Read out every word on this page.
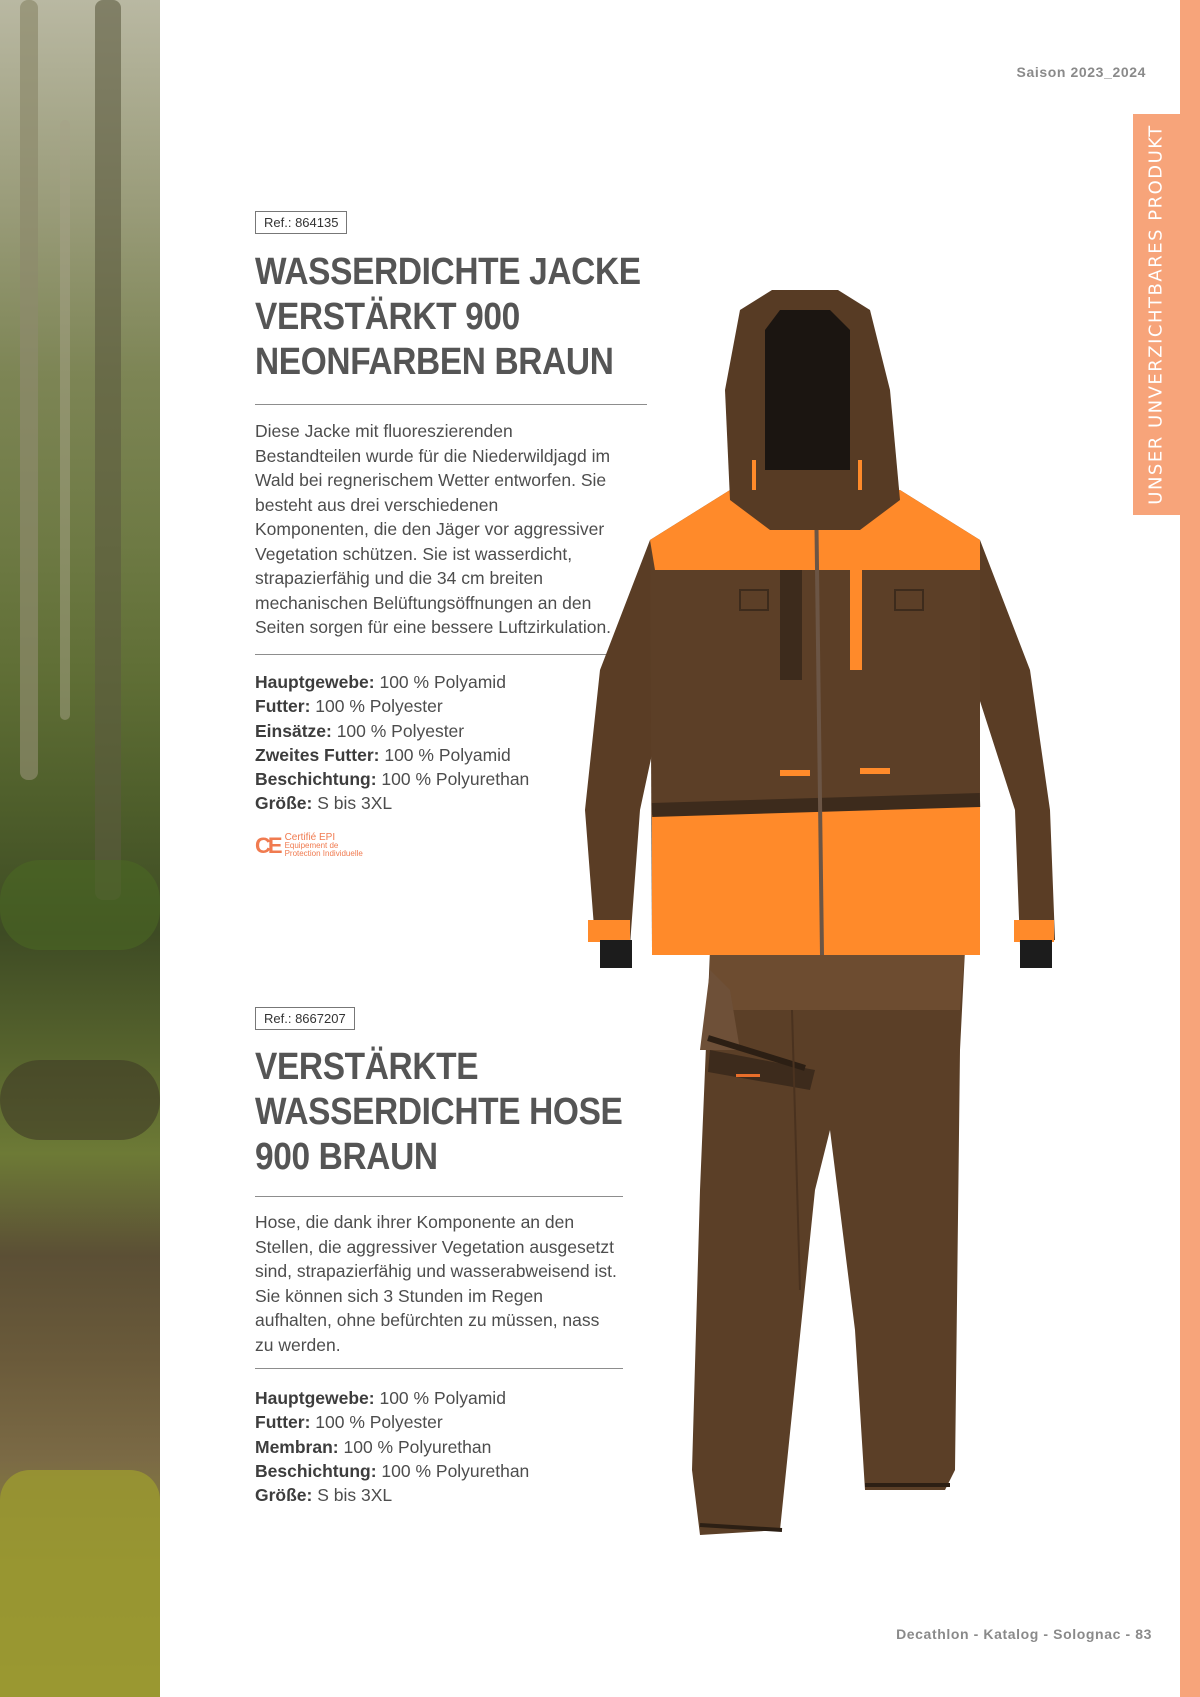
UNSER UNVERZICHTBARES PRODUKT
Saison 2023_2024
Ref.: 864135
WASSERDICHTE JACKE
VERSTÄRKT 900
NEONFARBEN BRAUN
Diese Jacke mit fluoreszierenden
Bestandteilen wurde für die Niederwildjagd im
Wald bei regnerischem Wetter entworfen. Sie
besteht aus drei verschiedenen
Komponenten, die den Jäger vor aggressiver
Vegetation schützen. Sie ist wasserdicht,
strapazierfähig und die 34 cm breiten
mechanischen Belüftungsöffnungen an den
Seiten sorgen für eine bessere Luftzirkulation.
Hauptgewebe: 100 % Polyamid
Futter: 100 % Polyester
Einsätze: 100 % Polyester
Zweites Futter: 100 % Polyamid
Beschichtung: 100 % Polyurethan
Größe: S bis 3XL
CE Certifié EPI
Equipement de
Protection Individuelle
Ref.: 8667207
VERSTÄRKTE
WASSERDICHTE HOSE
900 BRAUN
Hose, die dank ihrer Komponente an den
Stellen, die aggressiver Vegetation ausgesetzt
sind, strapazierfähig und wasserabweisend ist.
Sie können sich 3 Stunden im Regen
aufhalten, ohne befürchten zu müssen, nass
zu werden.
Hauptgewebe: 100 % Polyamid
Futter: 100 % Polyester
Membran: 100 % Polyurethan
Beschichtung: 100 % Polyurethan
Größe: S bis 3XL
Decathlon - Katalog - Solognac - 83
